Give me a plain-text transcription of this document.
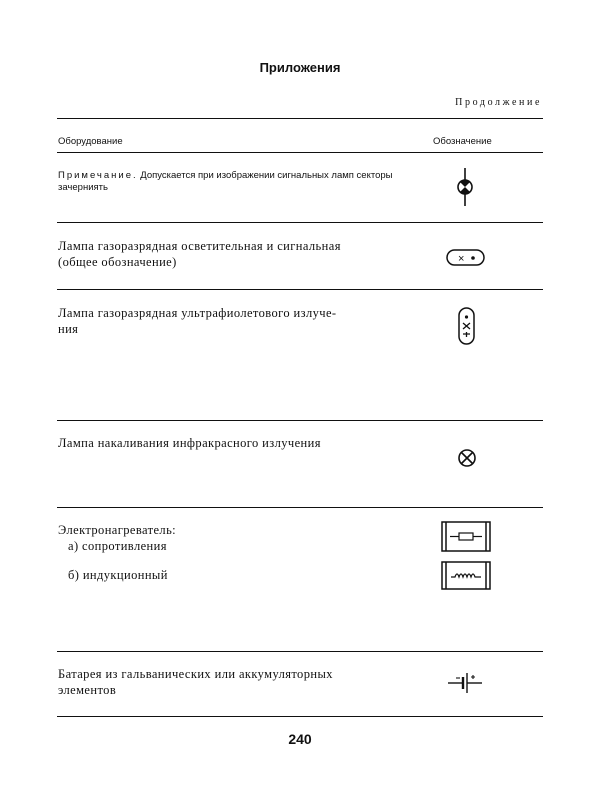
Приложения
Продолжение
Оборудование	Обозначение
Примечание. Допускается при изображении сигнальных ламп секторы зачерниять
Лампа газоразрядная осветительная и сигнальная
(общее обозначение)	×
Лампа газоразрядная ультрафиолетового излуче-
ния
Лампа накаливания инфракрасного излучения
Электронагреватель:
а) сопротивления
б) индукционный
Батарея из гальванических или аккумуляторных
элементов
240
